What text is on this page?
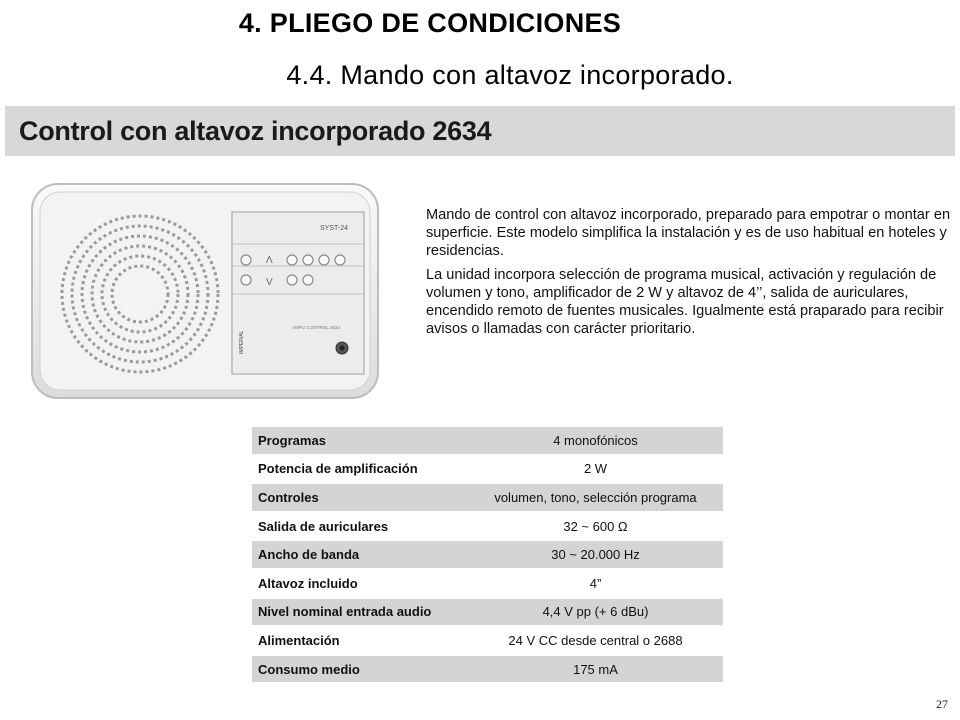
4. PLIEGO DE CONDICIONES
4.4. Mando con altavoz incorporado.
Control con altavoz incorporado 2634
SYST-24
Λ
V
AMPLI CONTROL 2634
IMPERIAL

Mando de control con altavoz incorporado, preparado para empotrar o montar en superficie. Este modelo simplifica la instalación y es de uso habitual en hoteles y residencias.

La unidad incorpora selección de programa musical, activación y regulación de volumen y tono, amplificador de 2 W y altavoz de 4’’, salida de auriculares, encendido remoto de fuentes musicales. Igualmente está praparado para recibir avisos o llamadas con carácter prioritario.

Programas	4 monofónicos
Potencia de amplificación	2 W
Controles	volumen, tono, selección programa
Salida de auriculares	32 ~ 600 Ω
Ancho de banda	30 ~ 20.000 Hz
Altavoz incluido	4”
Nivel nominal entrada audio	4,4 V pp (+ 6 dBu)
Alimentación	24 V CC desde central o 2688
Consumo medio	175 mA
27
